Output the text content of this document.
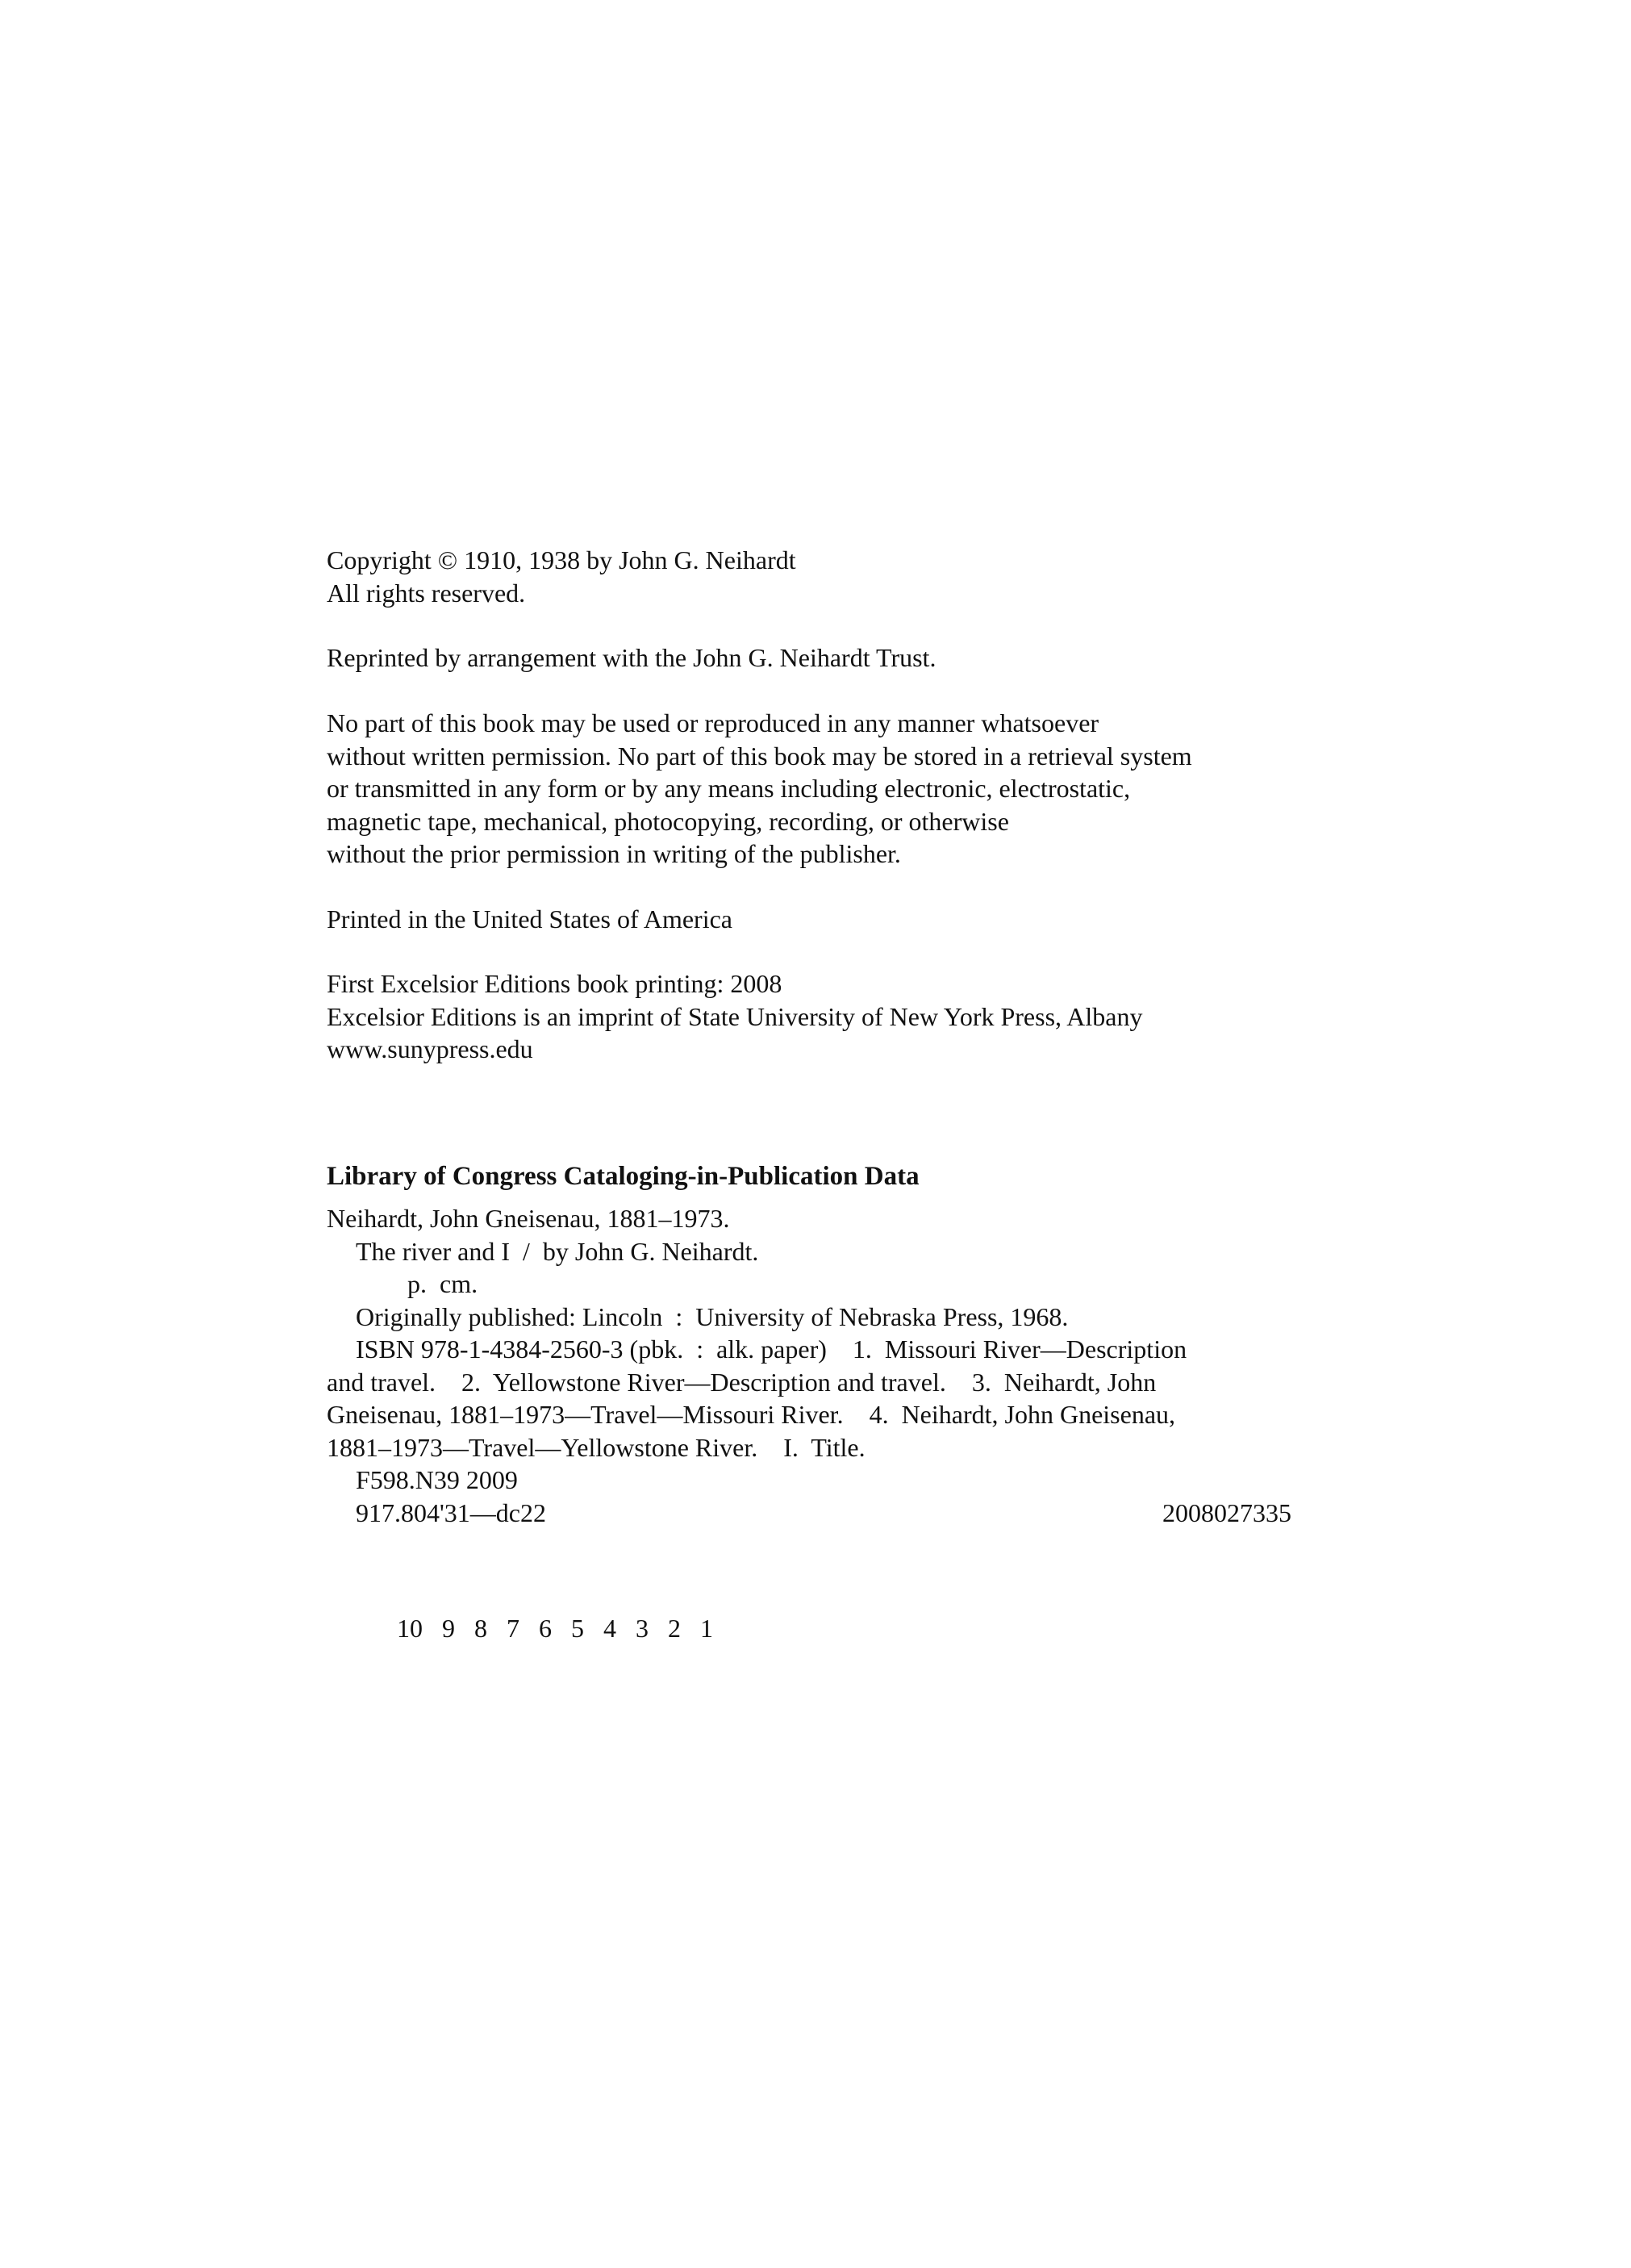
Copyright © 1910, 1938 by John G. Neihardt
All rights reserved.
Reprinted by arrangement with the John G. Neihardt Trust.
No part of this book may be used or reproduced in any manner whatsoever
without written permission. No part of this book may be stored in a retrieval system
or transmitted in any form or by any means including electronic, electrostatic,
magnetic tape, mechanical, photocopying, recording, or otherwise
without the prior permission in writing of the publisher.
Printed in the United States of America
First Excelsior Editions book printing: 2008
Excelsior Editions is an imprint of State University of New York Press, Albany
www.sunypress.edu
Library of Congress Cataloging-in-Publication Data
Neihardt, John Gneisenau, 1881–1973.
The river and I  /  by John G. Neihardt.
p.  cm.
Originally published: Lincoln  :  University of Nebraska Press, 1968.
ISBN 978-1-4384-2560-3 (pbk.  :  alk. paper)    1.  Missouri River—Description
and travel.    2.  Yellowstone River—Description and travel.    3.  Neihardt, John
Gneisenau, 1881–1973—Travel—Missouri River.    4.  Neihardt, John Gneisenau,
1881–1973—Travel—Yellowstone River.    I.  Title.
F598.N39 2009
917.804'31—dc22	2008027335

10 9 8 7 6 5 4 3 2 1
